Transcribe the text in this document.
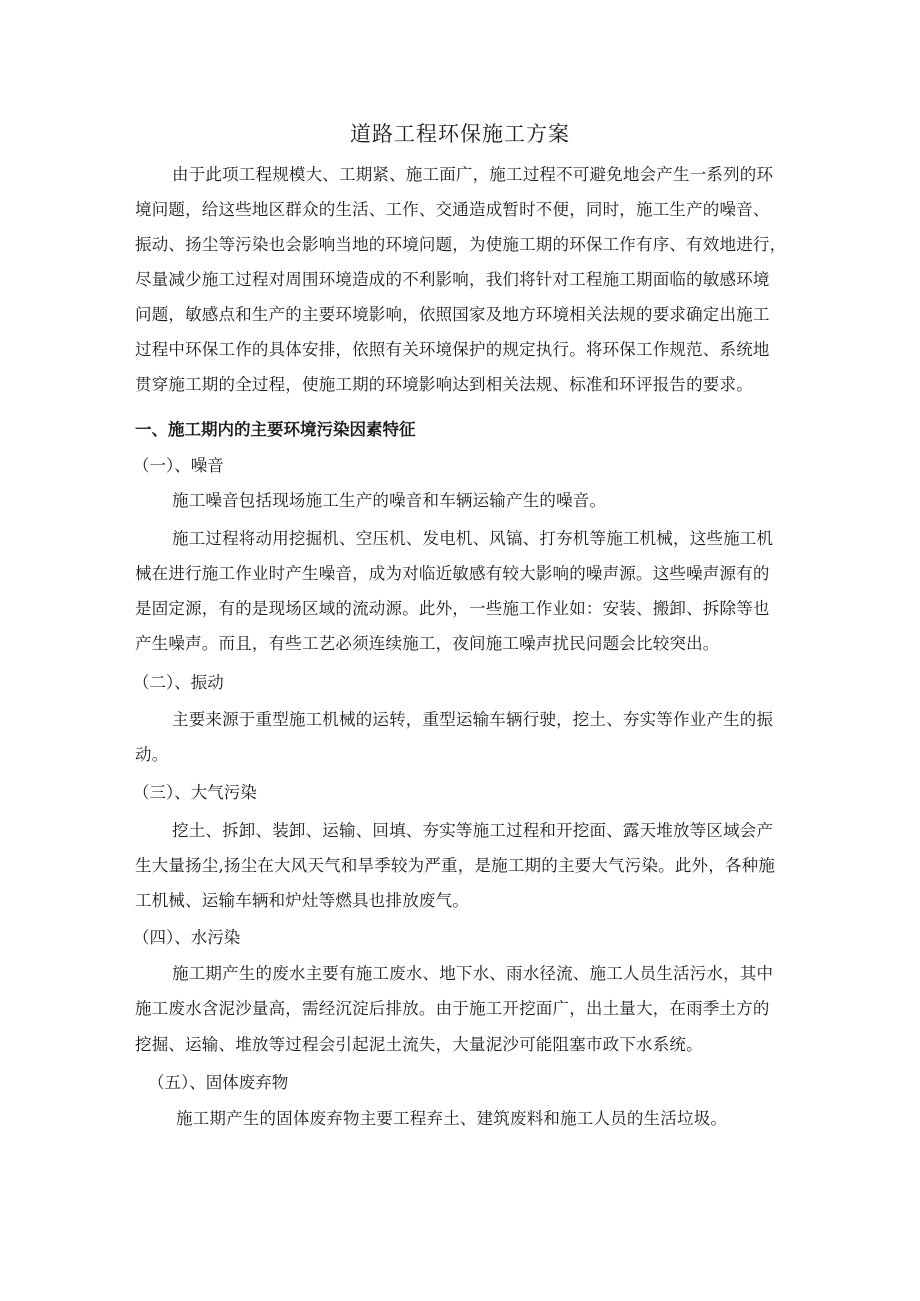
道路工程环保施工方案
由于此项工程规模大、工期紧、施工面广，施工过程不可避免地会产生一系列的环
境问题，给这些地区群众的生活、工作、交通造成暂时不便，同时，施工生产的噪音、
振动、扬尘等污染也会影响当地的环境问题，为使施工期的环保工作有序、有效地进行，
尽量减少施工过程对周围环境造成的不利影响，我们将针对工程施工期面临的敏感环境
问题，敏感点和生产的主要环境影响，依照国家及地方环境相关法规的要求确定出施工
过程中环保工作的具体安排，依照有关环境保护的规定执行。将环保工作规范、系统地
贯穿施工期的全过程，使施工期的环境影响达到相关法规、标准和环评报告的要求。
一、施工期内的主要环境污染因素特征
（一）、噪音
施工噪音包括现场施工生产的噪音和车辆运输产生的噪音。
施工过程将动用挖掘机、空压机、发电机、风镐、打夯机等施工机械，这些施工机
械在进行施工作业时产生噪音，成为对临近敏感有较大影响的噪声源。这些噪声源有的
是固定源，有的是现场区域的流动源。此外，一些施工作业如：安装、搬卸、拆除等也
产生噪声。而且，有些工艺必须连续施工，夜间施工噪声扰民问题会比较突出。
（二）、振动
主要来源于重型施工机械的运转，重型运输车辆行驶，挖土、夯实等作业产生的振
动。
（三）、大气污染
挖土、拆卸、装卸、运输、回填、夯实等施工过程和开挖面、露天堆放等区域会产
生大量扬尘,扬尘在大风天气和旱季较为严重，是施工期的主要大气污染。此外，各种施
工机械、运输车辆和炉灶等燃具也排放废气。
（四）、水污染
施工期产生的废水主要有施工废水、地下水、雨水径流、施工人员生活污水，其中
施工废水含泥沙量高，需经沉淀后排放。由于施工开挖面广，出土量大，在雨季土方的
挖掘、运输、堆放等过程会引起泥土流失，大量泥沙可能阻塞市政下水系统。
（五）、固体废弃物
施工期产生的固体废弃物主要工程弃土、建筑废料和施工人员的生活垃圾。
